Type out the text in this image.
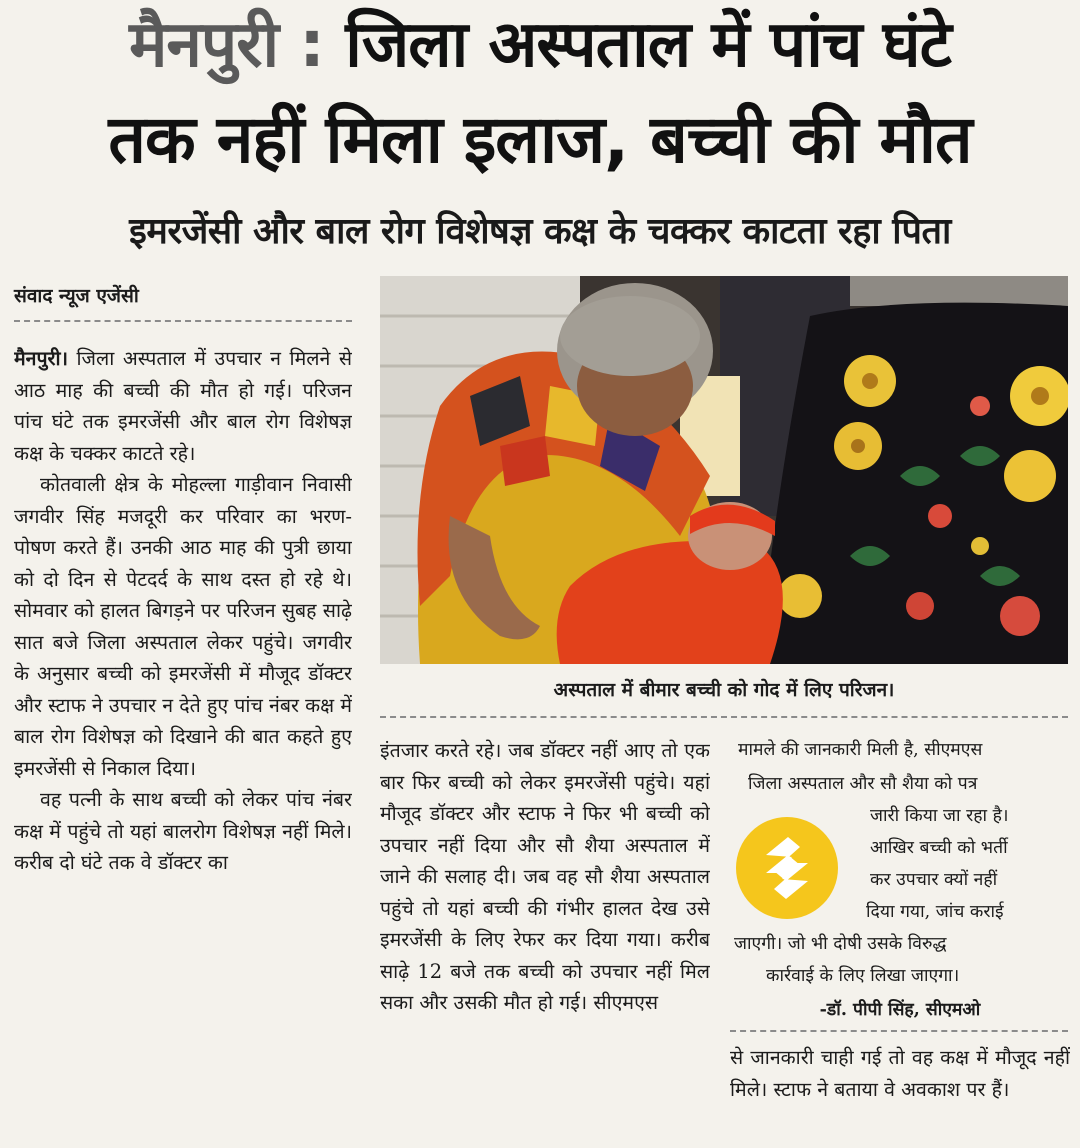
मैनपुरी : जिला अस्पताल में पांच घंटे
तक नहीं मिला इलाज, बच्ची की मौत
इमरजेंसी और बाल रोग विशेषज्ञ कक्ष के चक्कर काटता रहा पिता
संवाद न्यूज एजेंसी

मैनपुरी। जिला अस्पताल में उपचार न मिलने से आठ माह की बच्ची की मौत हो गई। परिजन पांच घंटे तक इमरजेंसी और बाल रोग विशेषज्ञ कक्ष के चक्कर काटते रहे।

कोतवाली क्षेत्र के मोहल्ला गाड़ीवान निवासी जगवीर सिंह मजदूरी कर परिवार का भरण-पोषण करते हैं। उनकी आठ माह की पुत्री छाया को दो दिन से पेटदर्द के साथ दस्त हो रहे थे। सोमवार को हालत बिगड़ने पर परिजन सुबह साढ़े सात बजे जिला अस्पताल लेकर पहुंचे। जगवीर के अनुसार बच्ची को इमरजेंसी में मौजूद डॉक्टर और स्टाफ ने उपचार न देते हुए पांच नंबर कक्ष में बाल रोग विशेषज्ञ को दिखाने की बात कहते हुए इमरजेंसी से निकाल दिया।

वह पत्नी के साथ बच्ची को लेकर पांच नंबर कक्ष में पहुंचे तो यहां बालरोग विशेषज्ञ नहीं मिले। करीब दो घंटे तक वे डॉक्टर का

अस्पताल में बीमार बच्ची को गोद में लिए परिजन।
इंतजार करते रहे। जब डॉक्टर नहीं आए तो एक बार फिर बच्ची को लेकर इमरजेंसी पहुंचे। यहां मौजूद डॉक्टर और स्टाफ ने फिर भी बच्ची को उपचार नहीं दिया और सौ शैया अस्पताल में जाने की सलाह दी। जब वह सौ शैया अस्पताल पहुंचे तो यहां बच्ची की गंभीर हालत देख उसे इमरजेंसी के लिए रेफर कर दिया गया। करीब साढ़े 12 बजे तक बच्ची को उपचार नहीं मिल सका और उसकी मौत हो गई। सीएमएस
मामले की जानकारी मिली है, सीएमएस
जिला अस्पताल और सौ शैया को पत्र
जारी किया जा रहा है।
आखिर बच्ची को भर्ती
कर उपचार क्यों नहीं
दिया गया, जांच कराई
जाएगी। जो भी दोषी उसके विरुद्ध
कार्रवाई के लिए लिखा जाएगा।
-डॉ. पीपी सिंह, सीएमओ
से जानकारी चाही गई तो वह कक्ष में मौजूद नहीं मिले। स्टाफ ने बताया वे अवकाश पर हैं।
